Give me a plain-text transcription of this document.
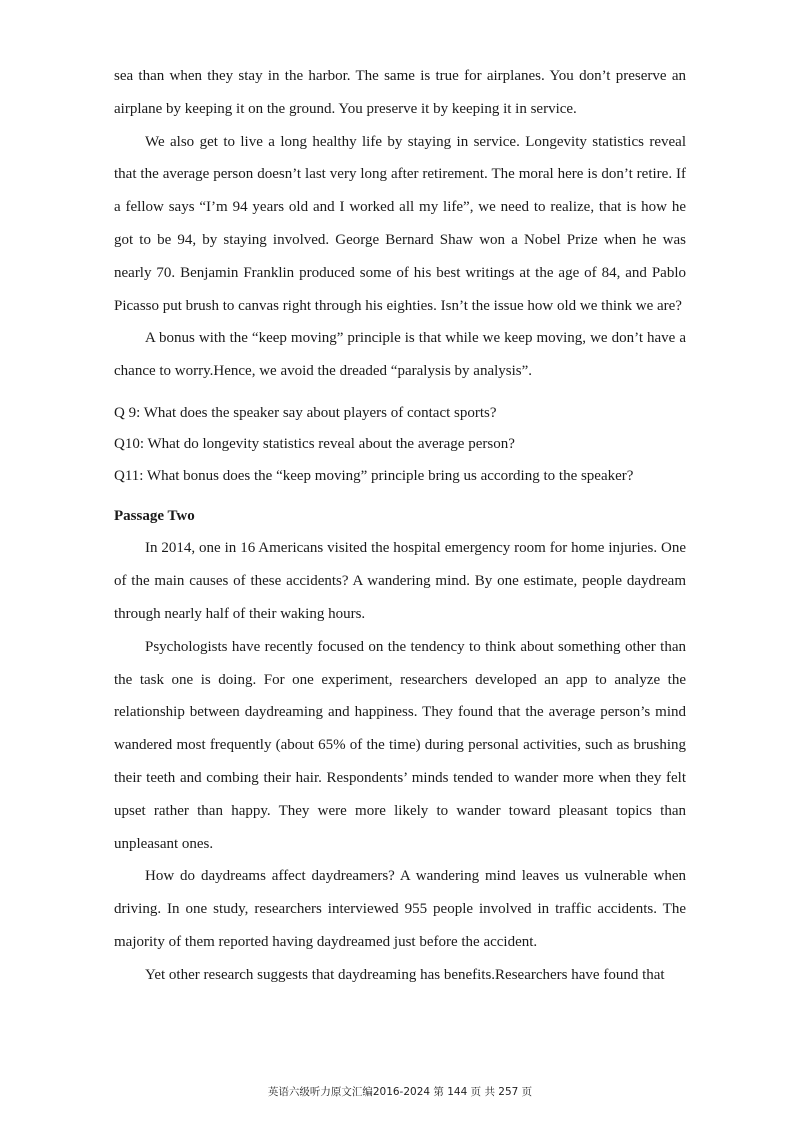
sea than when they stay in the harbor. The same is true for airplanes. You don’t preserve an airplane by keeping it on the ground. You preserve it by keeping it in service.

We also get to live a long healthy life by staying in service. Longevity statistics reveal that the average person doesn’t last very long after retirement. The moral here is don’t retire. If a fellow says “I’m 94 years old and I worked all my life”, we need to realize, that is how he got to be 94, by staying involved. George Bernard Shaw won a Nobel Prize when he was nearly 70. Benjamin Franklin produced some of his best writings at the age of 84, and Pablo Picasso put brush to canvas right through his eighties. Isn’t the issue how old we think we are?

A bonus with the “keep moving” principle is that while we keep moving, we don’t have a chance to worry.Hence, we avoid the dreaded “paralysis by analysis”.

Q 9: What does the speaker say about players of contact sports?

Q10: What do longevity statistics reveal about the average person?

Q11: What bonus does the “keep moving” principle bring us according to the speaker?

Passage Two

In 2014, one in 16 Americans visited the hospital emergency room for home injuries. One of the main causes of these accidents? A wandering mind. By one estimate, people daydream through nearly half of their waking hours.

Psychologists have recently focused on the tendency to think about something other than the task one is doing. For one experiment, researchers developed an app to analyze the relationship between daydreaming and happiness. They found that the average person’s mind wandered most frequently (about 65% of the time) during personal activities, such as brushing their teeth and combing their hair. Respondents’ minds tended to wander more when they felt upset rather than happy. They were more likely to wander toward pleasant topics than unpleasant ones.

How do daydreams affect daydreamers? A wandering mind leaves us vulnerable when driving. In one study, researchers interviewed 955 people involved in traffic accidents. The majority of them reported having daydreamed just before the accident.

Yet other research suggests that daydreaming has benefits.Researchers have found that

英语六级听力原文汇编2016-2024 第 144 页 共 257 页
